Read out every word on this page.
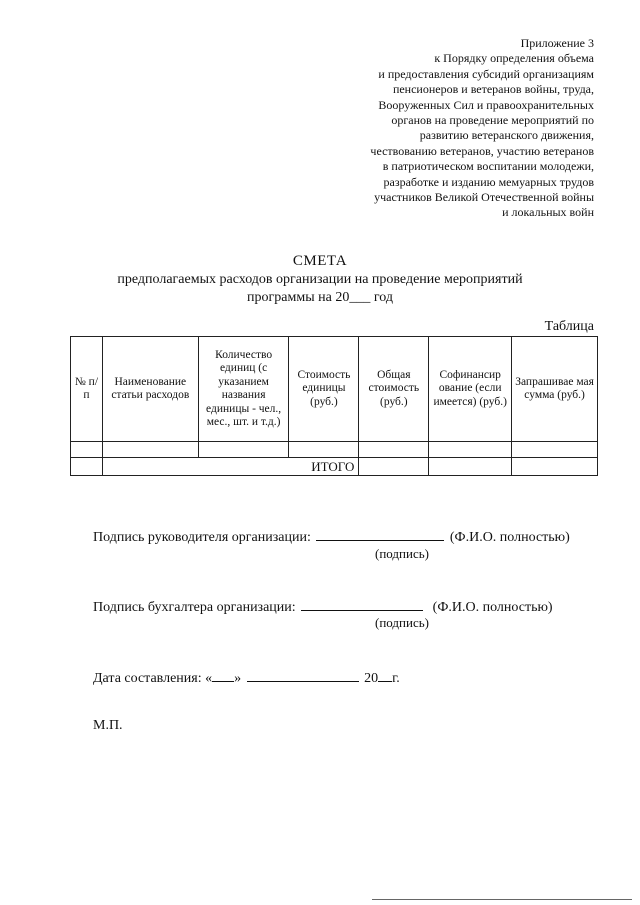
Приложение 3
к Порядку определения объема
и предоставления субсидий организациям
пенсионеров и ветеранов войны, труда,
Вооруженных Сил и правоохранительных
органов на проведение мероприятий по
развитию ветеранского движения,
чествованию ветеранов, участию ветеранов
в патриотическом воспитании молодежи,
разработке и изданию мемуарных трудов
участников Великой Отечественной войны
и локальных войн
СМЕТА
предполагаемых расходов организации на проведение мероприятий
программы на 20___ год
Таблица
№ п/п	Наименование статьи расходов	Количество единиц (с указанием названия единицы - чел., мес., шт. и т.д.)	Стоимость единицы (руб.)	Общая стоимость (руб.)	Софинансир ование (если имеется) (руб.)	Запрашивае мая сумма (руб.)

	ИТОГО					
Подпись руководителя организации:	(Ф.И.О. полностью)
(подпись)
Подпись бухгалтера организации:	(Ф.И.О. полностью)
(подпись)
Дата составления: « »	20 г.
М.П.
